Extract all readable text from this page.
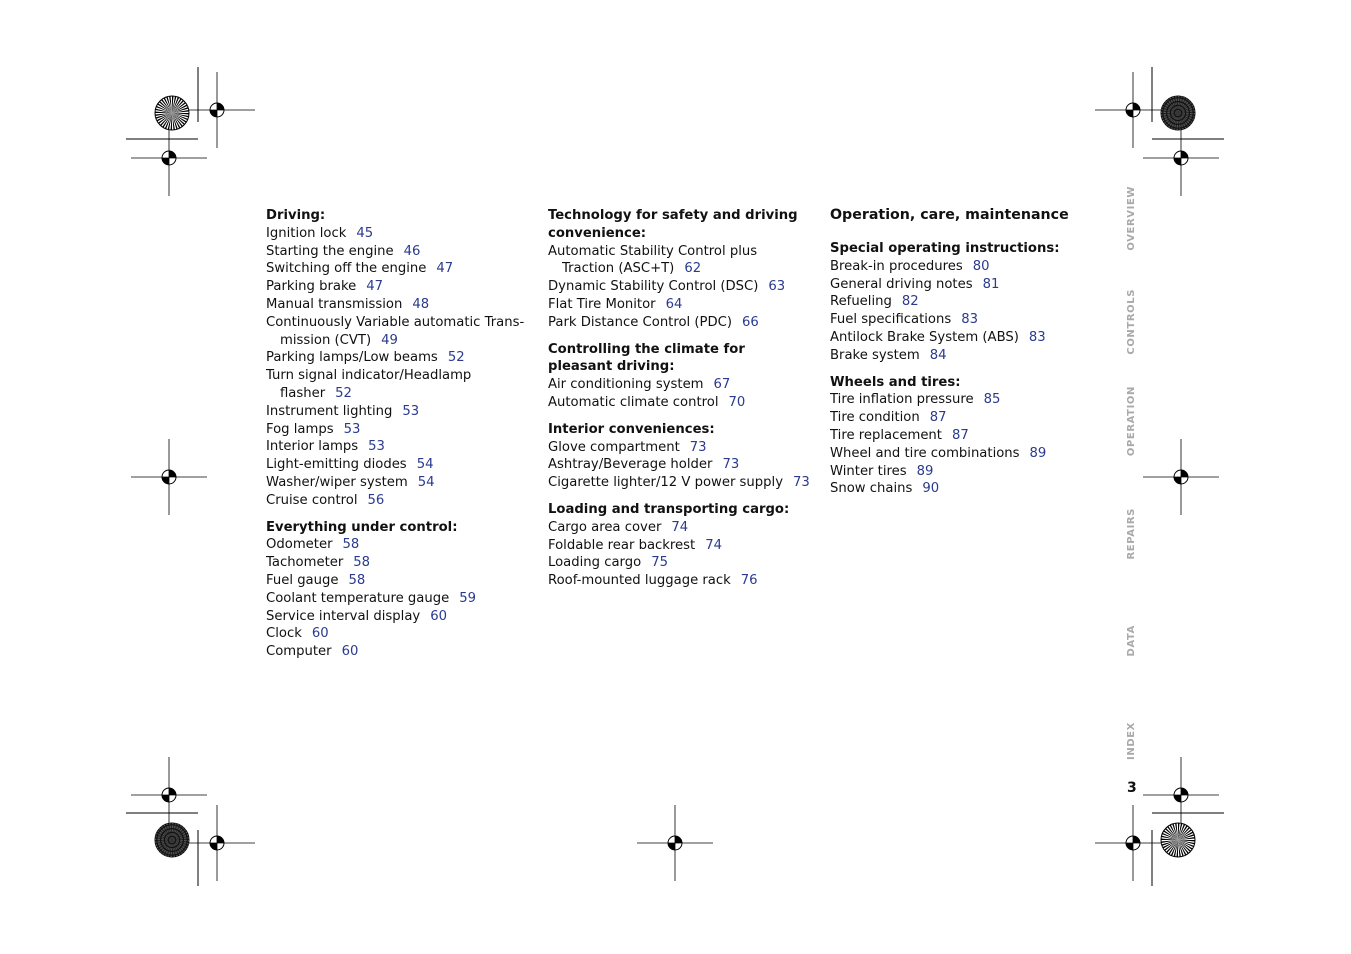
Driving:
Ignition lock 45
Starting the engine 46
Switching off the engine 47
Parking brake 47
Manual transmission 48
Continuously Variable automatic Trans-mission (CVT) 49
Parking lamps/Low beams 52
Turn signal indicator/Headlamp flasher 52
Instrument lighting 53
Fog lamps 53
Interior lamps 53
Light-emitting diodes 54
Washer/wiper system 54
Cruise control 56
Everything under control:
Odometer 58
Tachometer 58
Fuel gauge 58
Coolant temperature gauge 59
Service interval display 60
Clock 60
Computer 60
Technology for safety and driving convenience:
Automatic Stability Control plus Traction (ASC+T) 62
Dynamic Stability Control (DSC) 63
Flat Tire Monitor 64
Park Distance Control (PDC) 66
Controlling the climate for pleasant driving:
Air conditioning system 67
Automatic climate control 70
Interior conveniences:
Glove compartment 73
Ashtray/Beverage holder 73
Cigarette lighter/12 V power supply 73
Loading and transporting cargo:
Cargo area cover 74
Foldable rear backrest 74
Loading cargo 75
Roof-mounted luggage rack 76
Operation, care, maintenance
Special operating instructions:
Break-in procedures 80
General driving notes 81
Refueling 82
Fuel specifications 83
Antilock Brake System (ABS) 83
Brake system 84
Wheels and tires:
Tire inflation pressure 85
Tire condition 87
Tire replacement 87
Wheel and tire combinations 89
Winter tires 89
Snow chains 90
OVERVIEW
CONTROLS
OPERATION
REPAIRS
DATA
INDEX
3
